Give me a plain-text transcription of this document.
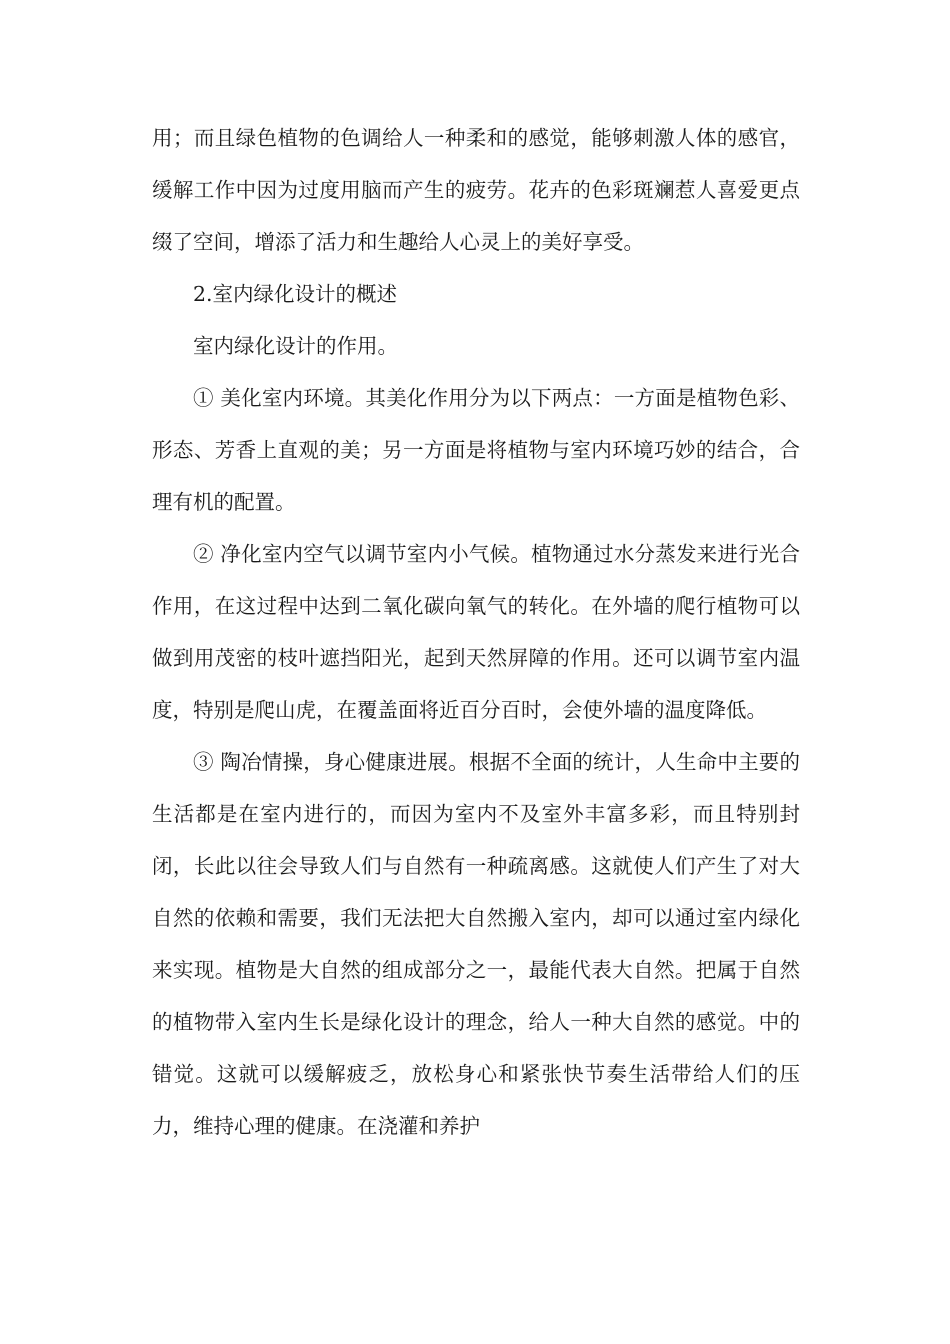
用；而且绿色植物的色调给人一种柔和的感觉，能够刺激人体的感官，缓解工作中因为过度用脑而产生的疲劳。花卉的色彩斑斓惹人喜爱更点缀了空间，增添了活力和生趣给人心灵上的美好享受。

2.室内绿化设计的概述

室内绿化设计的作用。

① 美化室内环境。其美化作用分为以下两点：一方面是植物色彩、形态、芳香上直观的美；另一方面是将植物与室内环境巧妙的结合，合理有机的配置。

② 净化室内空气以调节室内小气候。植物通过水分蒸发来进行光合作用，在这过程中达到二氧化碳向氧气的转化。在外墙的爬行植物可以做到用茂密的枝叶遮挡阳光，起到天然屏障的作用。还可以调节室内温度，特别是爬山虎，在覆盖面将近百分百时，会使外墙的温度降低。

③ 陶冶情操，身心健康进展。根据不全面的统计，人生命中主要的生活都是在室内进行的，而因为室内不及室外丰富多彩，而且特别封闭，长此以往会导致人们与自然有一种疏离感。这就使人们产生了对大自然的依赖和需要，我们无法把大自然搬入室内，却可以通过室内绿化来实现。植物是大自然的组成部分之一，最能代表大自然。把属于自然的植物带入室内生长是绿化设计的理念，给人一种大自然的感觉。中的错觉。这就可以缓解疲乏，放松身心和紧张快节奏生活带给人们的压力，维持心理的健康。在浇灌和养护
